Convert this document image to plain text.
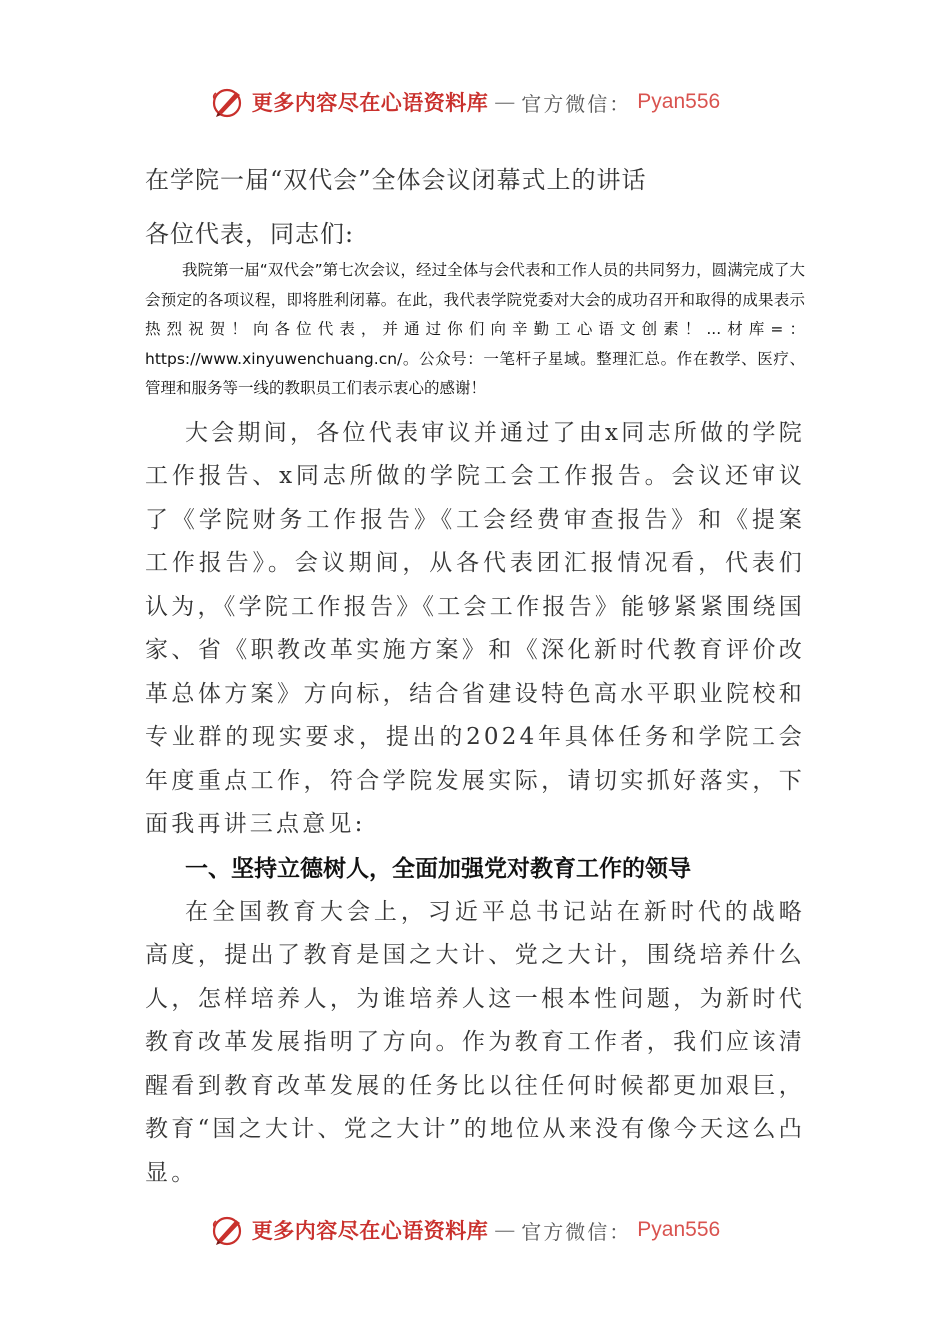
更多内容尽在心语资料库 — 官方微信： Pyan556
在学院一届“双代会”全体会议闭幕式上的讲话
各位代表，同志们:

我院第一届“双代会”第七次会议，经过全体与会代表和工作人员的共同努力，圆满完成了大会预定的各项议程，即将胜利闭幕。在此，我代表学院党委对大会的成功召开和取得的成果表示热烈祝贺！向各位代表，并通过你们向辛勤工心语文创素！...材库=：https://www.xinyuwenchuang.cn/。公众号：一笔杆子星域。整理汇总。作在教学、医疗、管理和服务等一线的教职员工们表示衷心的感谢！

大会期间，各位代表审议并通过了由x同志所做的学院工作报告、x同志所做的学院工会工作报告。会议还审议了《学院财务工作报告》《工会经费审查报告》和《提案工作报告》。会议期间，从各代表团汇报情况看，代表们认为，《学院工作报告》《工会工作报告》能够紧紧围绕国家、省《职教改革实施方案》和《深化新时代教育评价改革总体方案》方向标，结合省建设特色高水平职业院校和专业群的现实要求，提出的2024年具体任务和学院工会年度重点工作，符合学院发展实际，请切实抓好落实，下面我再讲三点意见:

一、坚持立德树人，全面加强党对教育工作的领导

在全国教育大会上，习近平总书记站在新时代的战略高度，提出了教育是国之大计、党之大计，围绕培养什么人，怎样培养人，为谁培养人这一根本性问题，为新时代教育改革发展指明了方向。作为教育工作者，我们应该清醒看到教育改革发展的任务比以往任何时候都更加艰巨，教育“国之大计、党之大计”的地位从来没有像今天这么凸显。

更多内容尽在心语资料库 — 官方微信： Pyan556
